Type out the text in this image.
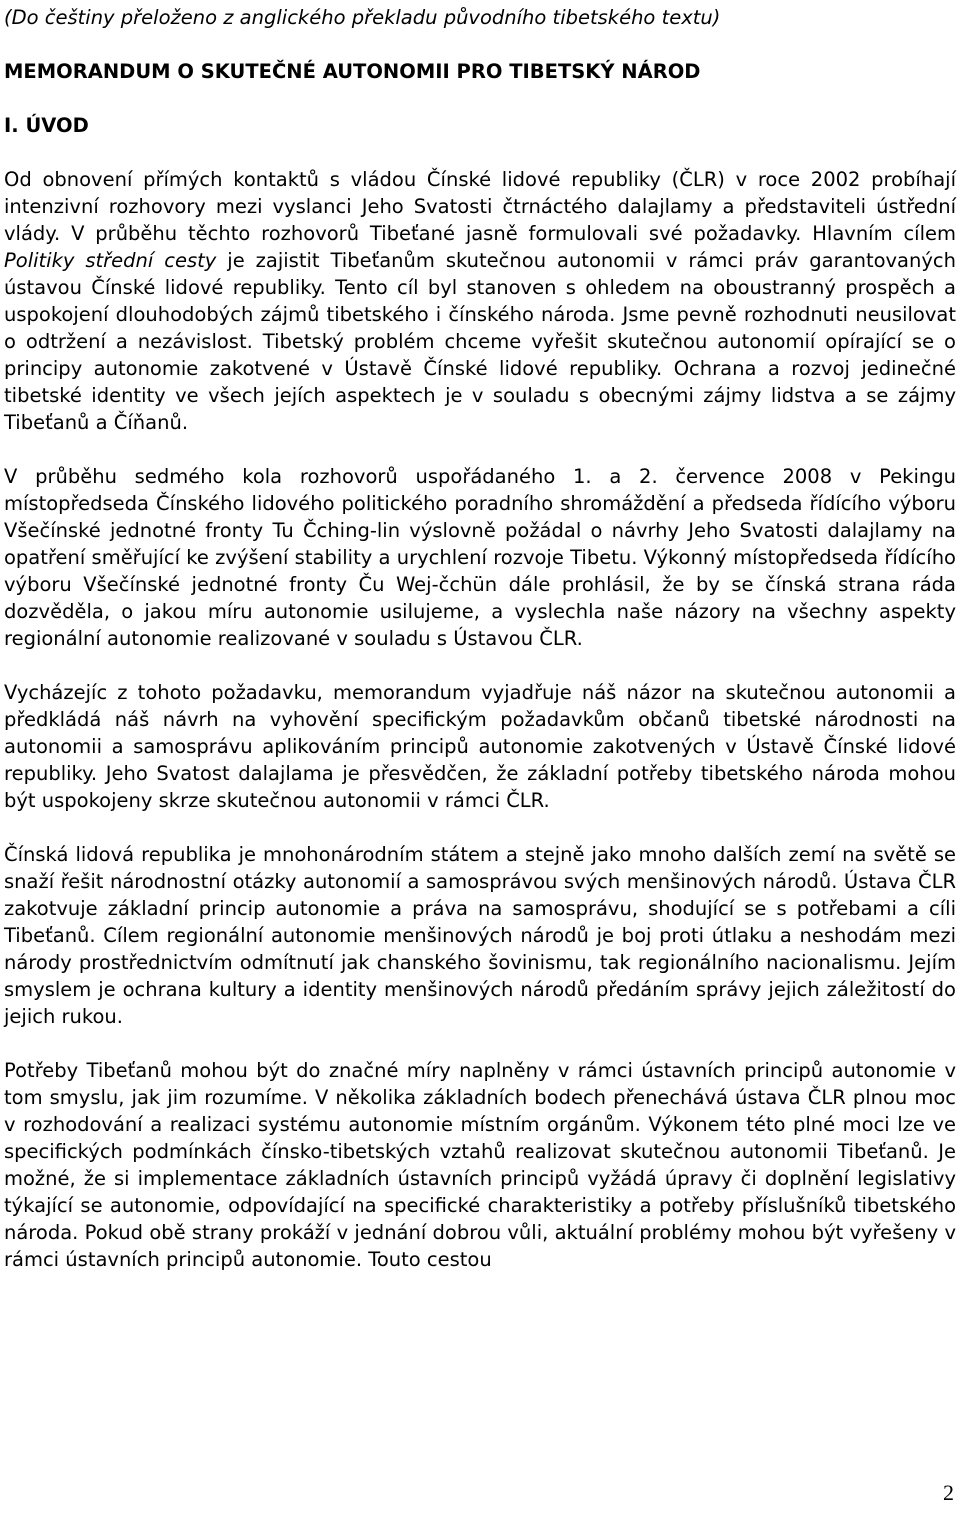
(Do češtiny přeloženo z anglického překladu původního tibetského textu)

MEMORANDUM O SKUTEČNÉ AUTONOMII PRO TIBETSKÝ NÁROD

I. ÚVOD

Od obnovení přímých kontaktů s vládou Čínské lidové republiky (ČLR) v roce 2002 probíhají intenzivní rozhovory mezi vyslanci Jeho Svatosti čtrnáctého dalajlamy a představiteli ústřední vlády. V průběhu těchto rozhovorů Tibeťané jasně formulovali své požadavky. Hlavním cílem Politiky střední cesty je zajistit Tibeťanům skutečnou autonomii v rámci práv garantovaných ústavou Čínské lidové republiky. Tento cíl byl stanoven s ohledem na oboustranný prospěch a uspokojení dlouhodobých zájmů tibetského i čínského národa. Jsme pevně rozhodnuti neusilovat o odtržení a nezávislost. Tibetský problém chceme vyřešit skutečnou autonomií opírající se o principy autonomie zakotvené v Ústavě Čínské lidové republiky. Ochrana a rozvoj jedinečné tibetské identity ve všech jejích aspektech je v souladu s obecnými zájmy lidstva a se zájmy Tibeťanů a Číňanů.

V průběhu sedmého kola rozhovorů uspořádaného 1. a 2. července 2008 v Pekingu místopředseda Čínského lidového politického poradního shromáždění a předseda řídícího výboru Všečínské jednotné fronty Tu Čching-lin výslovně požádal o návrhy Jeho Svatosti dalajlamy na opatření směřující ke zvýšení stability a urychlení rozvoje Tibetu. Výkonný místopředseda řídícího výboru Všečínské jednotné fronty Ču Wej-čchün dále prohlásil, že by se čínská strana ráda dozvěděla, o jakou míru autonomie usilujeme, a vyslechla naše názory na všechny aspekty regionální autonomie realizované v souladu s Ústavou ČLR.

Vycházejíc z tohoto požadavku, memorandum vyjadřuje náš názor na skutečnou autonomii a předkládá náš návrh na vyhovění specifickým požadavkům občanů tibetské národnosti na autonomii a samosprávu aplikováním principů autonomie zakotvených v Ústavě Čínské lidové republiky. Jeho Svatost dalajlama je přesvědčen, že základní potřeby tibetského národa mohou být uspokojeny skrze skutečnou autonomii v rámci ČLR.

Čínská lidová republika je mnohonárodním státem a stejně jako mnoho dalších zemí na světě se snaží řešit národnostní otázky autonomií a samosprávou svých menšinových národů. Ústava ČLR zakotvuje základní princip autonomie a práva na samosprávu, shodující se s potřebami a cíli Tibeťanů. Cílem regionální autonomie menšinových národů je boj proti útlaku a neshodám mezi národy prostřednictvím odmítnutí jak chanského šovinismu, tak regionálního nacionalismu. Jejím smyslem je ochrana kultury a identity menšinových národů předáním správy jejich záležitostí do jejich rukou.

Potřeby Tibeťanů mohou být do značné míry naplněny v rámci ústavních principů autonomie v tom smyslu, jak jim rozumíme. V několika základních bodech přenechává ústava ČLR plnou moc v rozhodování a realizaci systému autonomie místním orgánům. Výkonem této plné moci lze ve specifických podmínkách čínsko-tibetských vztahů realizovat skutečnou autonomii Tibeťanů. Je možné, že si implementace základních ústavních principů vyžádá úpravy či doplnění legislativy týkající se autonomie, odpovídající na specifické charakteristiky a potřeby příslušníků tibetského národa. Pokud obě strany prokáží v jednání dobrou vůli, aktuální problémy mohou být vyřešeny v rámci ústavních principů autonomie. Touto cestou

2
